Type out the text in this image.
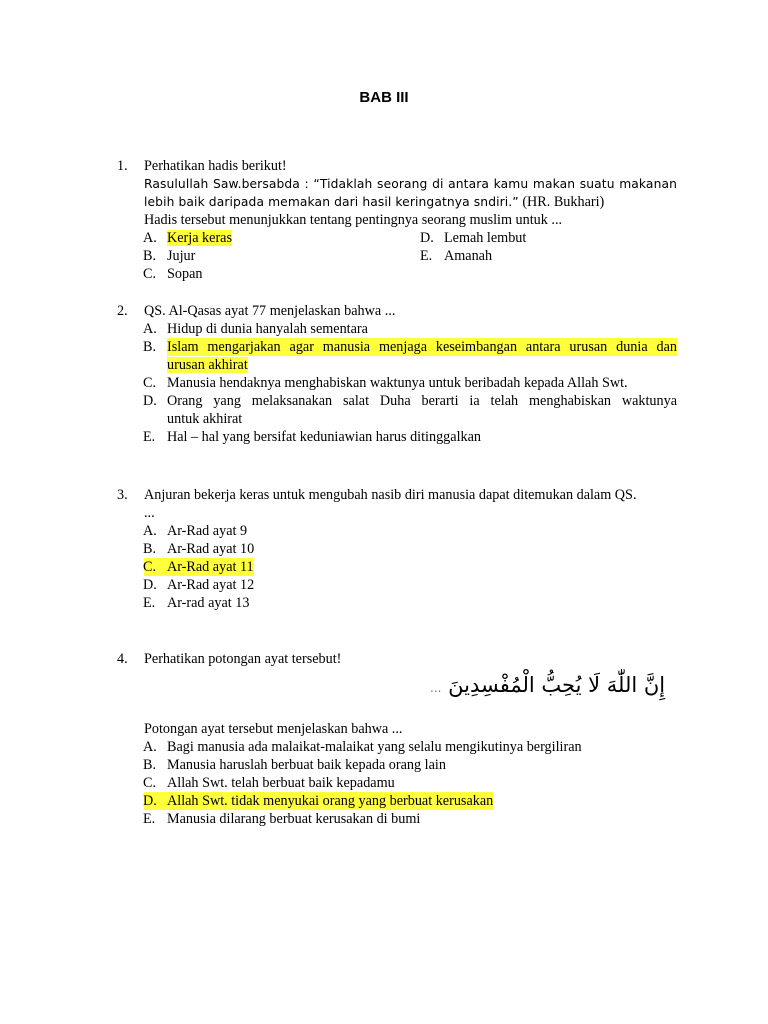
BAB III
1. Perhatikan hadis berikut!
Rasulullah Saw.bersabda : “Tidaklah seorang di antara kamu makan suatu makanan
lebih baik daripada memakan dari hasil keringatnya sndiri.” (HR. Bukhari)
Hadis tersebut menunjukkan tentang pentingnya seorang muslim untuk ...
A. Kerja keras	D. Lemah lembut
B. Jujur	E. Amanah
C. Sopan
2. QS. Al-Qasas ayat 77 menjelaskan bahwa ...
A. Hidup di dunia hanyalah sementara
B. Islam mengarjakan agar manusia menjaga keseimbangan antara urusan dunia dan
urusan akhirat
C. Manusia hendaknya menghabiskan waktunya untuk beribadah kepada Allah Swt.
D. Orang yang melaksanakan salat Duha berarti ia telah menghabiskan waktunya
untuk akhirat
E. Hal – hal yang bersifat keduniawian harus ditinggalkan
3. Anjuran bekerja keras untuk mengubah nasib diri manusia dapat ditemukan dalam QS.
...
A. Ar-Rad ayat 9
B. Ar-Rad ayat 10
C. Ar-Rad ayat 11
D. Ar-Rad ayat 12
E. Ar-rad ayat 13
4. Perhatikan potongan ayat tersebut!
إِنَّ اللّٰهَ لَا يُحِبُّ الْمُفْسِدِينَ ...
Potongan ayat tersebut menjelaskan bahwa ...
A. Bagi manusia ada malaikat-malaikat yang selalu mengikutinya bergiliran
B. Manusia haruslah berbuat baik kepada orang lain
C. Allah Swt. telah berbuat baik kepadamu
D. Allah Swt. tidak menyukai orang yang berbuat kerusakan
E. Manusia dilarang berbuat kerusakan di bumi
